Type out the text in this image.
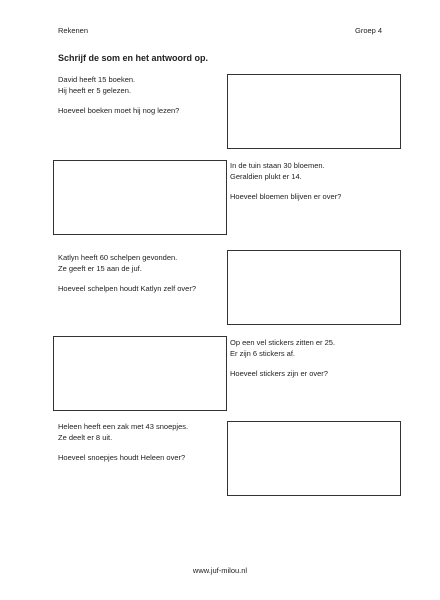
Rekenen	Groep 4
Schrijf de som en het antwoord op.
David heeft 15 boeken.
Hij heeft er 5 gelezen.
Hoeveel boeken moet hij nog lezen?
In de tuin staan 30 bloemen.
Geraldien plukt er 14.
Hoeveel bloemen blijven er over?
Katlyn heeft 60 schelpen gevonden.
Ze geeft er 15 aan de juf.
Hoeveel schelpen houdt Katlyn zelf over?
Op een vel stickers zitten er 25.
Er zijn 6 stickers af.
Hoeveel stickers zijn er over?
Heleen heeft een zak met 43 snoepjes.
Ze deelt er 8 uit.
Hoeveel snoepjes houdt Heleen over?
www.juf-milou.nl
